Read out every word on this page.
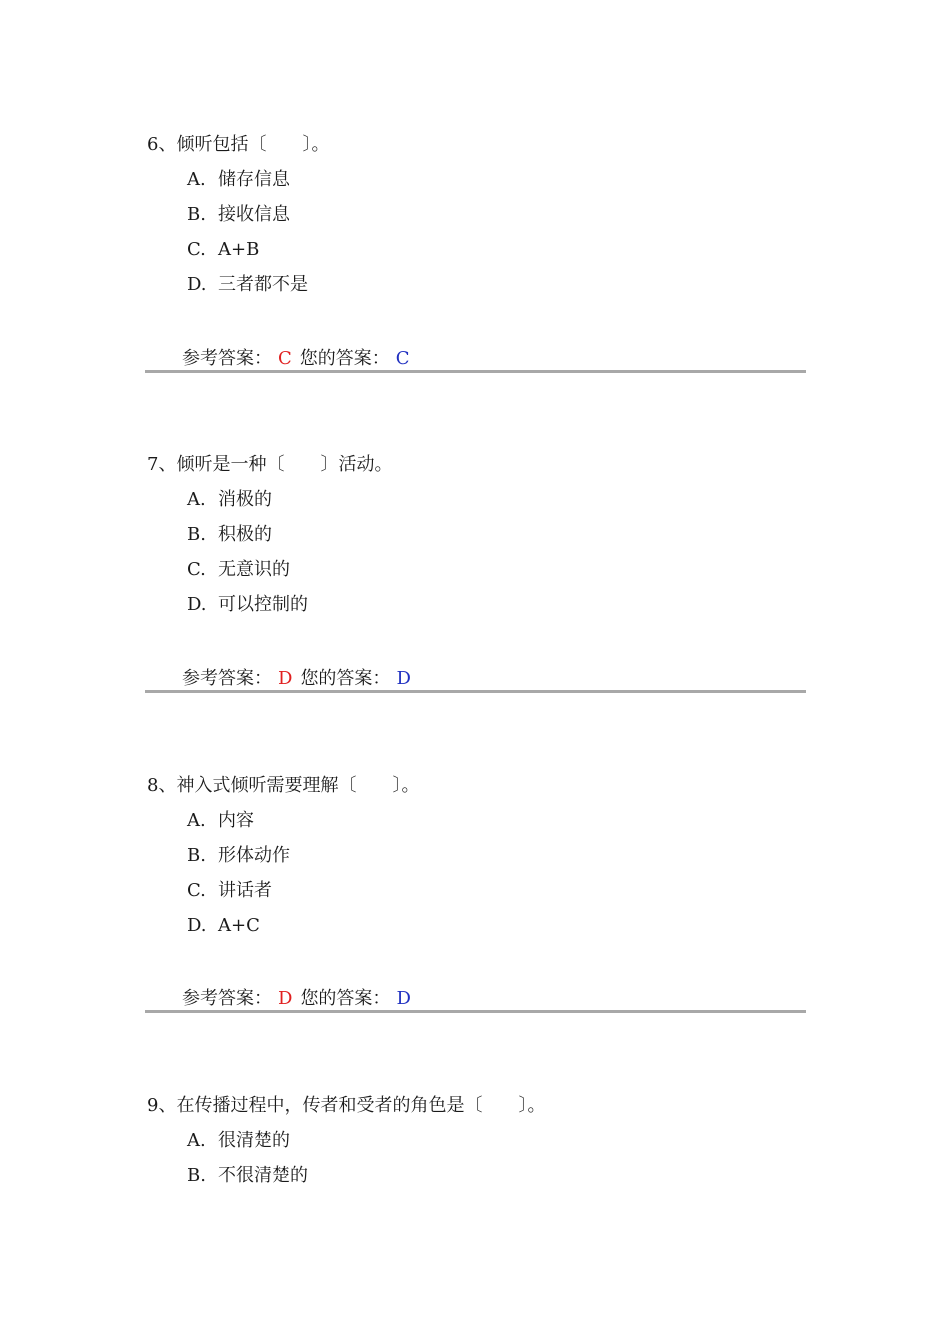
6、倾听包括〔　　〕。
A. 储存信息
B. 接收信息
C. A+B
D. 三者都不是
参考答案： C 您的答案： C
7、倾听是一种〔　　〕活动。
A. 消极的
B. 积极的
C. 无意识的
D. 可以控制的
参考答案： D 您的答案： D
8、神入式倾听需要理解〔　　〕。
A. 内容
B. 形体动作
C. 讲话者
D. A+C
参考答案： D 您的答案： D
9、在传播过程中，传者和受者的角色是〔　　〕。
A. 很清楚的
B. 不很清楚的
